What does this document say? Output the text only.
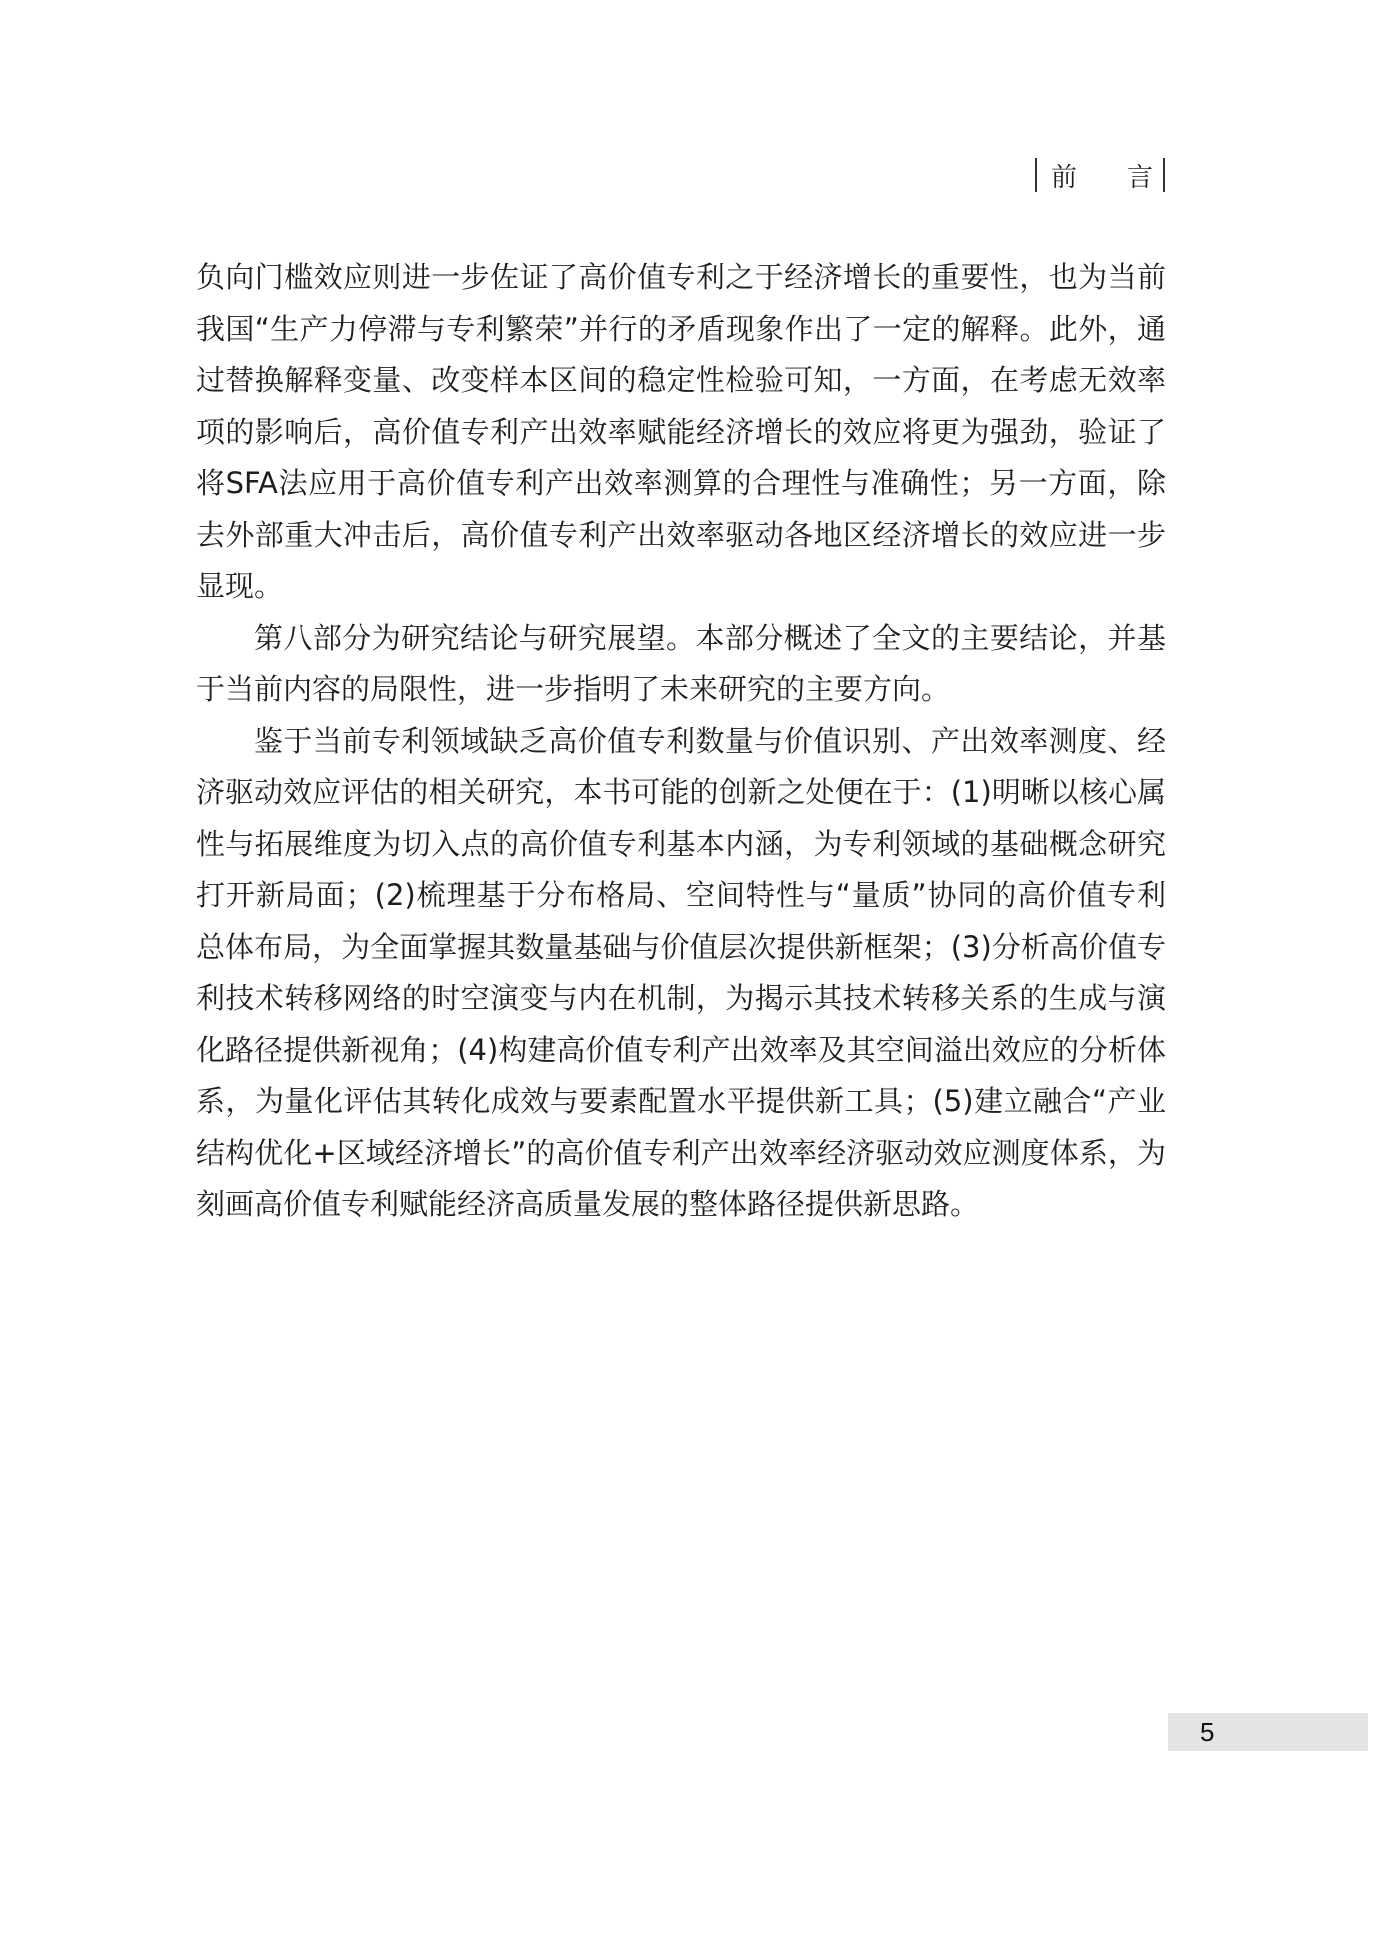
前 言

负向门槛效应则进一步佐证了高价值专利之于经济增长的重要性，也为当前我国“生产力停滞与专利繁荣”并行的矛盾现象作出了一定的解释。此外，通过替换解释变量、改变样本区间的稳定性检验可知，一方面，在考虑无效率项的影响后，高价值专利产出效率赋能经济增长的效应将更为强劲，验证了将SFA法应用于高价值专利产出效率测算的合理性与准确性；另一方面，除去外部重大冲击后，高价值专利产出效率驱动各地区经济增长的效应进一步显现。

第八部分为研究结论与研究展望。本部分概述了全文的主要结论，并基于当前内容的局限性，进一步指明了未来研究的主要方向。

鉴于当前专利领域缺乏高价值专利数量与价值识别、产出效率测度、经济驱动效应评估的相关研究，本书可能的创新之处便在于：(1)明晰以核心属性与拓展维度为切入点的高价值专利基本内涵，为专利领域的基础概念研究打开新局面；(2)梳理基于分布格局、空间特性与“量质”协同的高价值专利总体布局，为全面掌握其数量基础与价值层次提供新框架；(3)分析高价值专利技术转移网络的时空演变与内在机制，为揭示其技术转移关系的生成与演化路径提供新视角；(4)构建高价值专利产出效率及其空间溢出效应的分析体系，为量化评估其转化成效与要素配置水平提供新工具；(5)建立融合“产业结构优化+区域经济增长”的高价值专利产出效率经济驱动效应测度体系，为刻画高价值专利赋能经济高质量发展的整体路径提供新思路。

5
